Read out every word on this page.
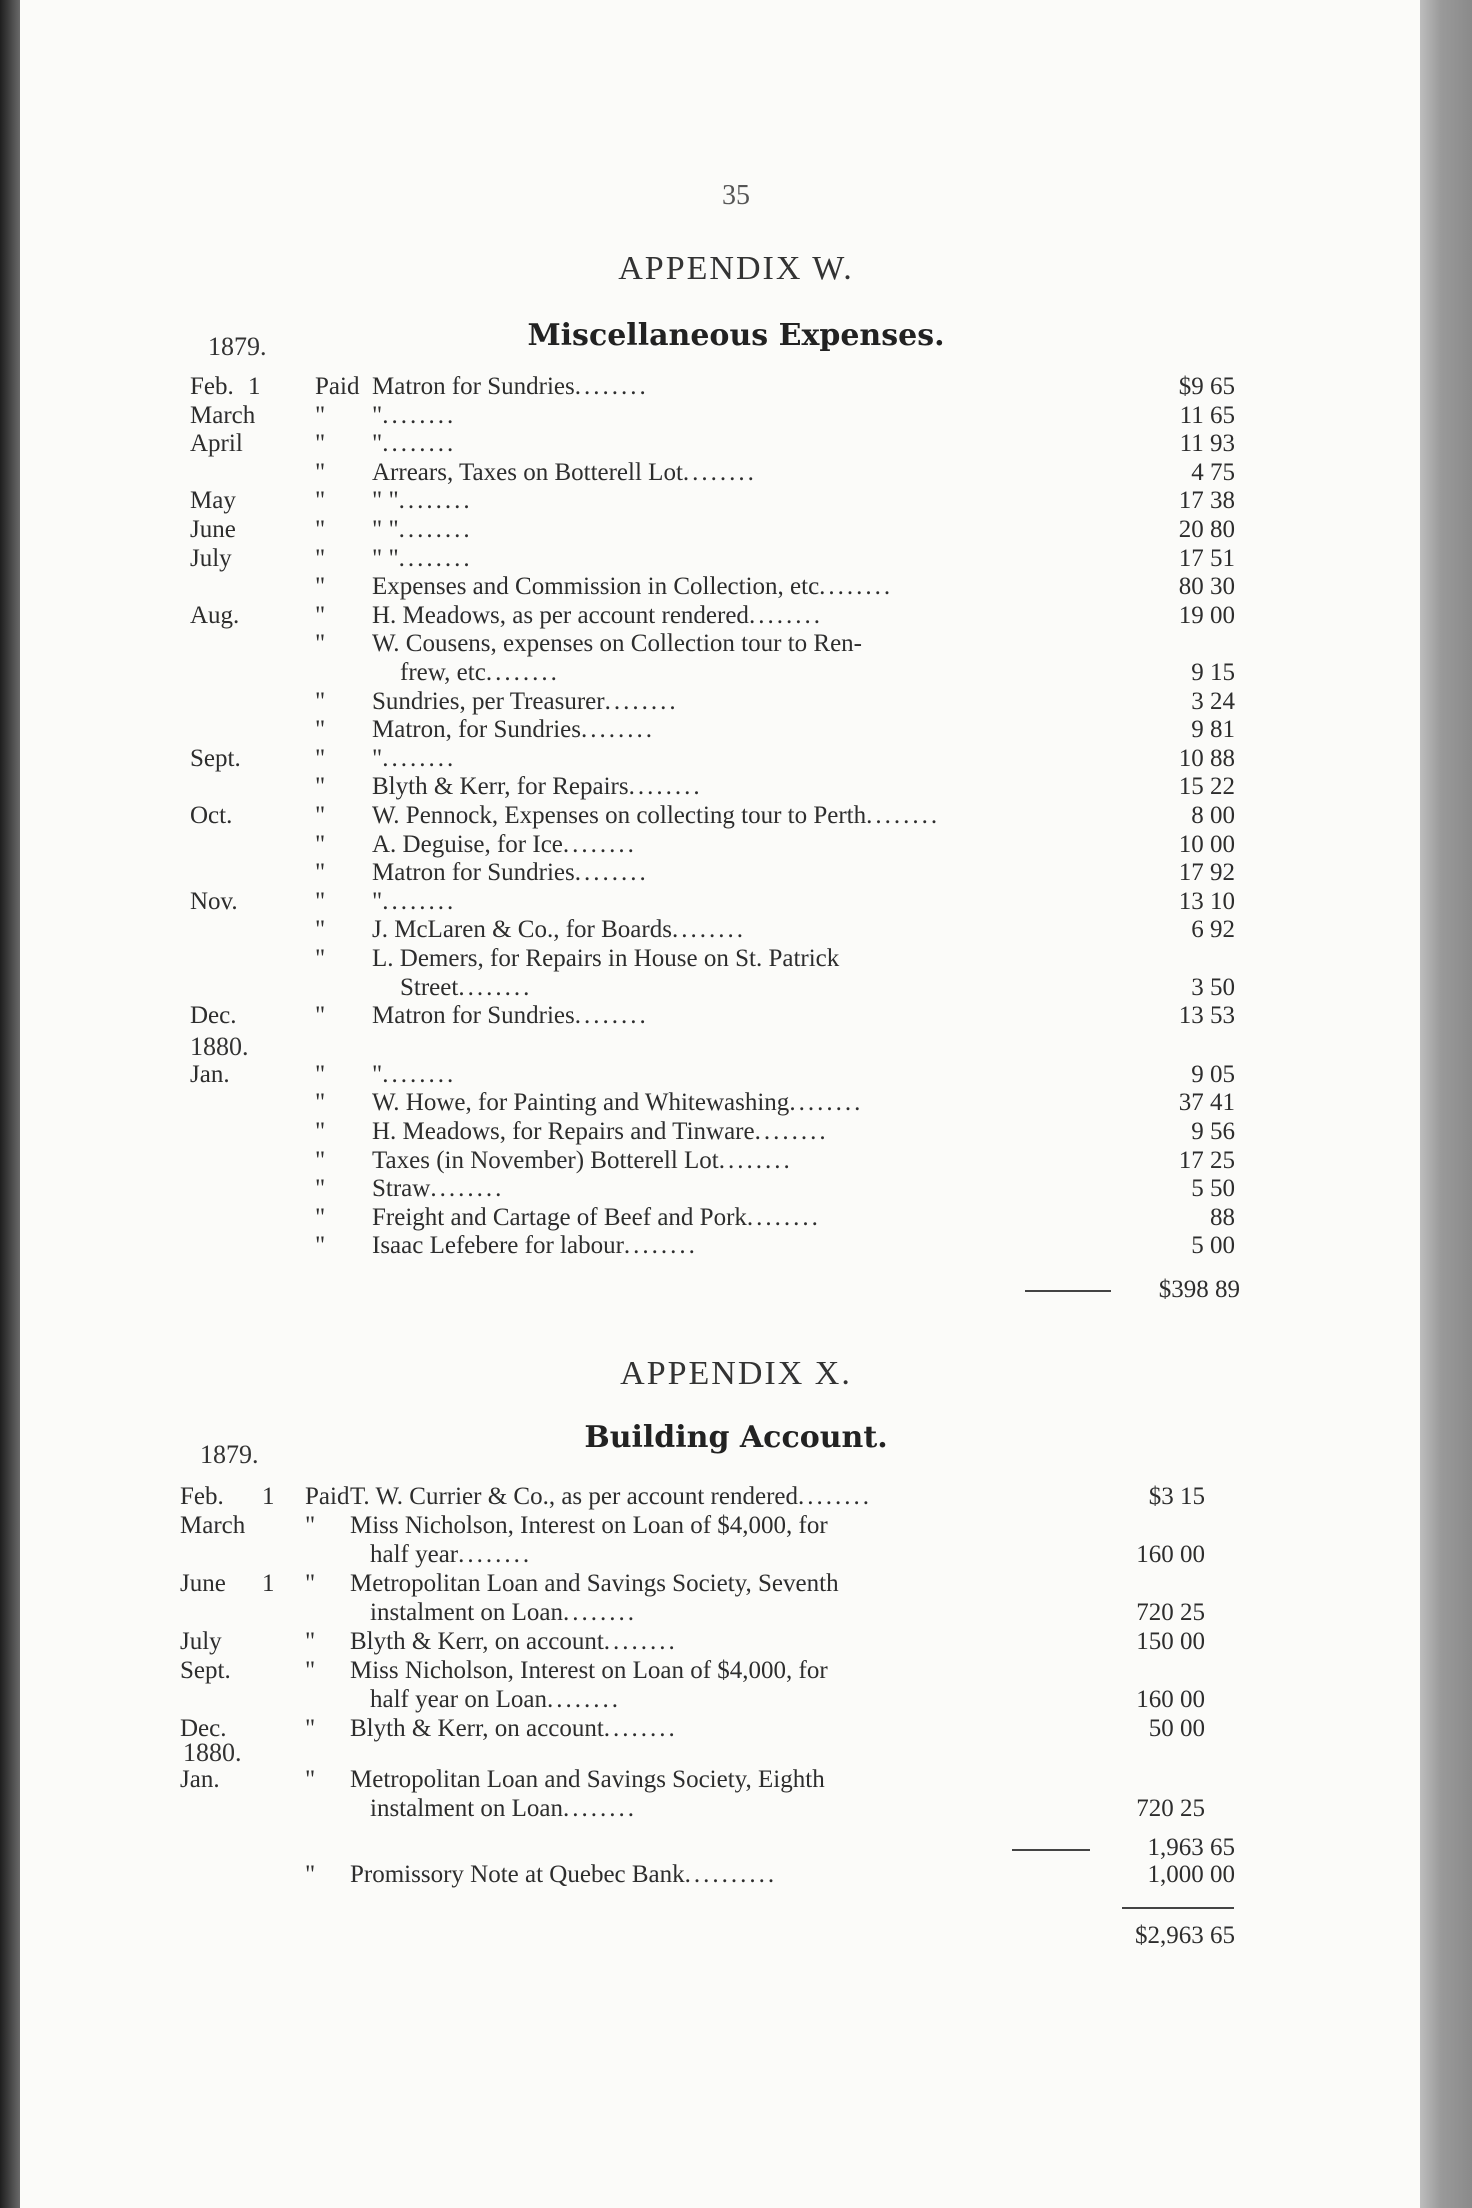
35
APPENDIX W.
Miscellaneous Expenses.
1879.
1880.
Feb. 1 Paid Matron for Sundries........	$9 65
March " "........	11 65
April	" "........	11 93
" Arrears, Taxes on Botterell Lot........	4 75
May	" " "........	17 38
June	" " "........	20 80
July	" " "........	17 51
" Expenses and Commission in Collection, etc........	80 30
Aug.	" H. Meadows, as per account rendered........	19 00
" W. Cousens, expenses on Collection tour to Ren-
frew, etc........	9 15
" Sundries, per Treasurer........	3 24
" Matron, for Sundries........	9 81
Sept.	" "........	10 88
" Blyth & Kerr, for Repairs........	15 22
Oct.	" W. Pennock, Expenses on collecting tour to Perth........	8 00
" A. Deguise, for Ice........	10 00
" Matron for Sundries........	17 92
Nov.	" "........	13 10
" J. McLaren & Co., for Boards........	6 92
" L. Demers, for Repairs in House on St. Patrick
Street........	3 50
Dec.	" Matron for Sundries........	13 53
Jan.	" "........	9 05
" W. Howe, for Painting and Whitewashing........	37 41
" H. Meadows, for Repairs and Tinware........	9 56
" Taxes (in November) Botterell Lot........	17 25
" Straw........	5 50
" Freight and Cartage of Beef and Pork........	88
" Isaac Lefebere for labour........	5 00
$398 89
APPENDIX X.
Building Account.
1879.
1880.
Feb. 1 Paid T. W. Currier & Co., as per account rendered........	$3 15
March " Miss Nicholson, Interest on Loan of $4,000, for
half year........	160 00
June 1 " Metropolitan Loan and Savings Society, Seventh
instalment on Loan........	720 25
July	" Blyth & Kerr, on account........	150 00
Sept.	" Miss Nicholson, Interest on Loan of $4,000, for
half year on Loan........	160 00
Dec.	" Blyth & Kerr, on account........	50 00
Jan.	" Metropolitan Loan and Savings Society, Eighth
instalment on Loan........	720 25
1,963 65
" Promissory Note at Quebec Bank..........	1,000 00
$2,963 65
